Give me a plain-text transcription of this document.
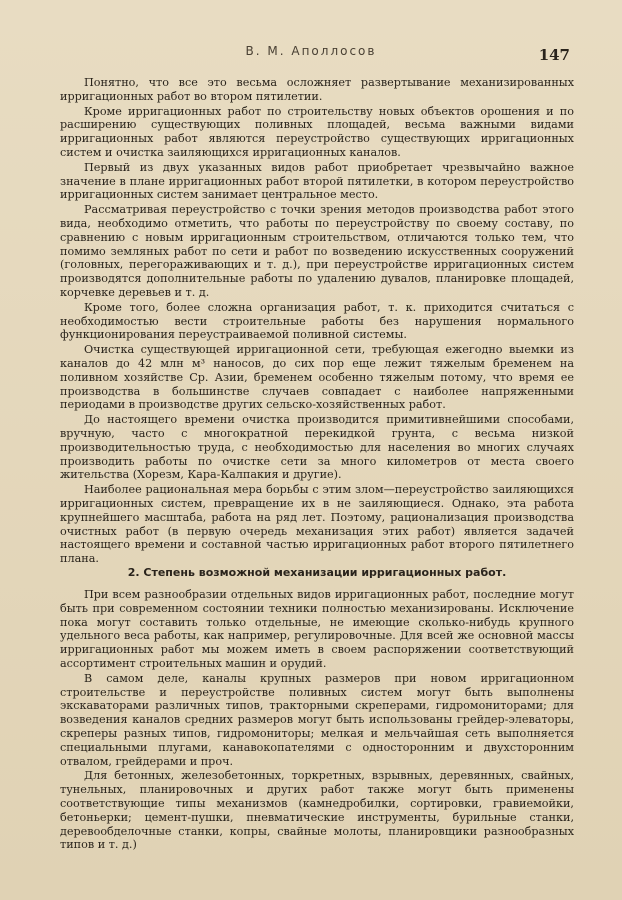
В. М. Аполлосов	147

Понятно, что все это весьма осложняет развертывание механизированных ирригационных работ во втором пятилетии.

Кроме ирригационных работ по строительству новых объектов орошения и по расширению существующих поливных площадей, весьма важными видами ирригационных работ являются переустройство существующих ирригационных систем и очистка заиляющихся ирригационных каналов.

Первый из двух указанных видов работ приобретает чрезвычайно важное значение в плане ирригационных работ второй пятилетки, в котором переустройство ирригационных систем занимает центральное место.

Рассматривая переустройство с точки зрения методов производства работ этого вида, необходимо отметить, что работы по переустройству по своему составу, по сравнению с новым ирригационным строительством, отличаются только тем, что помимо земляных работ по сети и работ по возведению искусственных сооружений (головных, перегораживающих и т. д.), при переустройстве ирригационных систем производятся дополнительные работы по удалению дувалов, планировке площадей, корчевке деревьев и т. д.

Кроме того, более сложна организация работ, т. к. приходится считаться с необходимостью вести строительные работы без нарушения нормального функционирования переустраиваемой поливной системы.

Очистка существующей ирригационной сети, требующая ежегодно выемки из каналов до 42 млн м³ наносов, до сих пор еще лежит тяжелым бременем на поливном хозяйстве Ср. Азии, бременем особенно тяжелым потому, что время ее производства в большинстве случаев совпадает с наиболее напряженными периодами в производстве других сельско-хозяйственных работ.

До настоящего времени очистка производится примитивнейшими способами, вручную, часто с многократной перекидкой грунта, с весьма низкой производительностью труда, с необходимостью для населения во многих случаях производить работы по очистке сети за много километров от места своего жительства (Хорезм, Кара-Калпакия и другие).

Наиболее рациональная мера борьбы с этим злом—переустройство заиляющихся ирригационных систем, превращение их в не заиляющиеся. Однако, эта работа крупнейшего масштаба, работа на ряд лет. Поэтому, рационализация производства очистных работ (в первую очередь механизация этих работ) является задачей настоящего времени и составной частью ирригационных работ второго пятилетнего плана.

2. Степень возможной механизации ирригационных работ.

При всем разнообразии отдельных видов ирригационных работ, последние могут быть при современном состоянии техники полностью механизированы. Исключение пока могут составить только отдельные, не имеющие сколько-нибудь крупного удельного веса работы, как например, регулировочные. Для всей же основной массы ирригационных работ мы можем иметь в своем распоряжении соответствующий ассортимент строительных машин и орудий.

В самом деле, каналы крупных размеров при новом ирригационном строительстве и переустройстве поливных систем могут быть выполнены экскаваторами различных типов, тракторными скреперами, гидромониторами; для возведения каналов средних размеров могут быть использованы грейдер-элеваторы, скреперы разных типов, гидромониторы; мелкая и мельчайшая сеть выполняется специальными плугами, канавокопателями с односторонним и двухсторонним отвалом, грейдерами и проч.

Для бетонных, железобетонных, торкретных, взрывных, деревянных, свайных, тунельных, планировочных и других работ также могут быть применены соответствующие типы механизмов (камнедробилки, сортировки, гравиемойки, бетоньерки; цемент-пушки, пневматические инструменты, бурильные станки, деревообделочные станки, копры, свайные молоты, планировщики разнообразных типов и т. д.)
